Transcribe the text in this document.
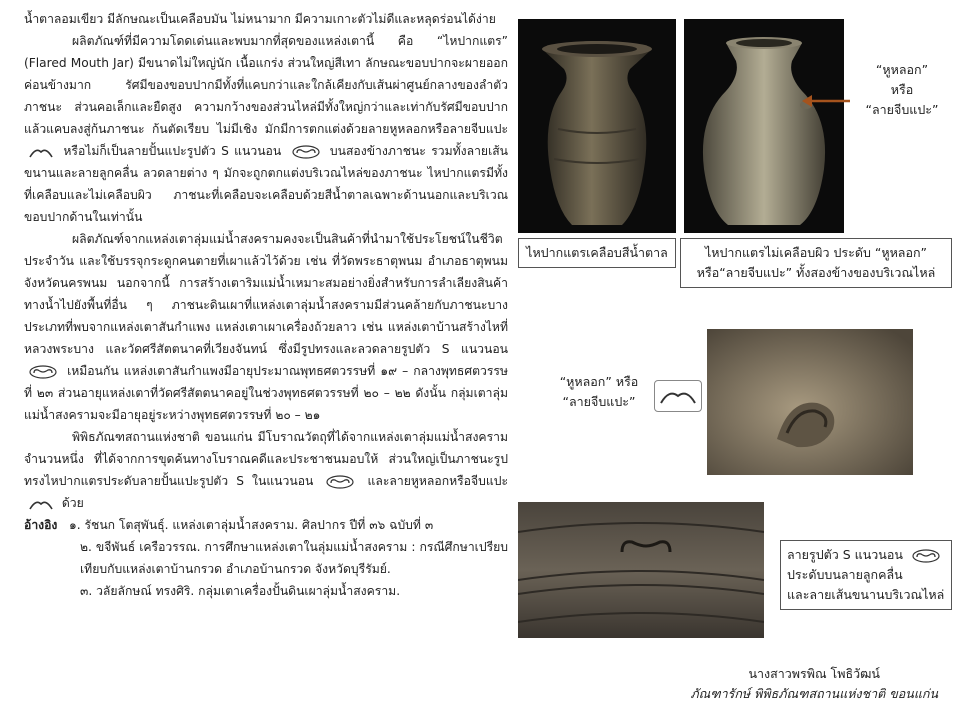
น้ำตาลอมเขียว มีลักษณะเป็นเคลือบมัน ไม่หนามาก มีความเกาะตัวไม่ดีและหลุดร่อนได้ง่าย

ผลิตภัณฑ์ที่มีความโดดเด่นและพบมากที่สุดของแหล่งเตานี้ คือ “ไหปากแตร” (Flared Mouth Jar) มีขนาดไม่ใหญ่นัก เนื้อแกร่ง ส่วนใหญ่สีเทา ลักษณะขอบปากจะผายออกค่อนข้างมาก รัศมีของขอบปากมีทั้งที่แคบกว่าและใกล้เคียงกับเส้นผ่าศูนย์กลางของลำตัวภาชนะ ส่วนคอเล็กและยืดสูง ความกว้างของส่วนไหล่มีทั้งใหญ่กว่าและเท่ากับรัศมีขอบปาก แล้วแคบลงสู่ก้นภาชนะ ก้นตัดเรียบ ไม่มีเชิง มักมีการตกแต่งด้วยลายหูหลอกหรือลายจีบแปะ  หรือไม่ก็เป็นลายปั้นแปะรูปตัว S แนวนอน	บนสองข้างภาชนะ รวมทั้งลายเส้นขนานและลายลูกคลื่น ลวดลายต่าง ๆ มักจะถูกตกแต่งบริเวณไหล่ของภาชนะ ไหปากแตรมีทั้งที่เคลือบและไม่เคลือบผิว ภาชนะที่เคลือบจะเคลือบด้วยสีน้ำตาลเฉพาะด้านนอกและบริเวณขอบปากด้านในเท่านั้น

ผลิตภัณฑ์จากแหล่งเตาลุ่มแม่น้ำสงครามคงจะเป็นสินค้าที่นำมาใช้ประโยชน์ในชีวิตประจำวัน และใช้บรรจุกระดูกคนตายที่เผาแล้วไว้ด้วย เช่น ที่วัดพระธาตุพนม อำเภอธาตุพนม จังหวัดนครพนม นอกจากนี้ การสร้างเตาริมแม่น้ำเหมาะสมอย่างยิ่งสำหรับการลำเลียงสินค้าทางน้ำไปยังพื้นที่อื่น ๆ ภาชนะดินเผาที่แหล่งเตาลุ่มน้ำสงครามมีส่วนคล้ายกับภาชนะบางประเภทที่พบจากแหล่งเตาสันกำแพง แหล่งเตาเผาเครื่องถ้วยลาว เช่น แหล่งเตาบ้านสร้างไหที่หลวงพระบาง และวัดศรีสัตตนาคที่เวียงจันทน์ ซึ่งมีรูปทรงและลวดลายรูปตัว S แนวนอน  เหมือนกัน แหล่งเตาสันกำแพงมีอายุประมาณพุทธศตวรรษที่ ๑๙ – กลางพุทธศตวรรษที่ ๒๓ ส่วนอายุแหล่งเตาที่วัดศรีสัตตนาคอยู่ในช่วงพุทธศตวรรษที่ ๒๐ – ๒๒ ดังนั้น กลุ่มเตาลุ่มแม่น้ำสงครามจะมีอายุอยู่ระหว่างพุทธศตวรรษที่ ๒๐ – ๒๑

พิพิธภัณฑสถานแห่งชาติ ขอนแก่น มีโบราณวัตถุที่ได้จากแหล่งเตาลุ่มแม่น้ำสงครามจำนวนหนึ่ง ที่ได้จากการขุดค้นทางโบราณคดีและประชาชนมอบให้ ส่วนใหญ่เป็นภาชนะรูปทรงไหปากแตรประดับลายปั้นแปะรูปตัว S ในแนวนอน	และลายหูหลอกหรือจีบแปะ  ด้วย

อ้างอิง ๑. รัชนก โตสุพันธุ์. แหล่งเตาลุ่มน้ำสงคราม. ศิลปากร ปีที่ ๓๖ ฉบับที่ ๓

๒. ขจีพันธ์ เครือวรรณ. การศึกษาแหล่งเตาในลุ่มแม่น้ำสงคราม : กรณีศึกษาเปรียบเทียบกับแหล่งเตาบ้านกรวด อำเภอบ้านกรวด จังหวัดบุรีรัมย์.

๓. วลัยลักษณ์ ทรงศิริ. กลุ่มเตาเครื่องปั้นดินเผาลุ่มน้ำสงคราม.

“หูหลอก”
หรือ
“ลายจีบแปะ”
ไหปากแตรเคลือบสีน้ำตาล	ไหปากแตรไม่เคลือบผิว ประดับ “หูหลอก”
หรือ“ลายจีบแปะ” ทั้งสองข้างของบริเวณไหล่
“หูหลอก” หรือ
“ลายจีบแปะ”
ลายรูปตัว S แนวนอน
ประดับบนลายลูกคลื่น
และลายเส้นขนานบริเวณไหล่
นางสาวพรพิณ โพธิวัฒน์
ภัณฑารักษ์ พิพิธภัณฑสถานแห่งชาติ ขอนแก่น
